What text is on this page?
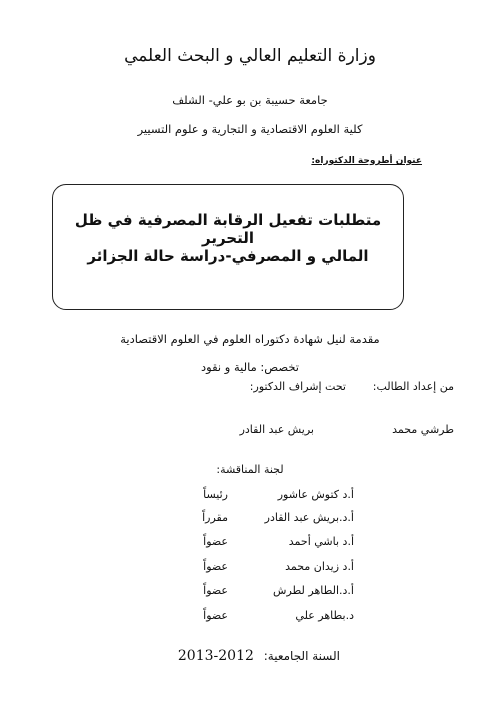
وزارة التعليم العالي و البحث العلمي
جامعة حسيبة بن بو علي- الشلف
كلية العلوم الاقتصادية و التجارية و علوم التسيير
عنوان أطروحة الدكتوراه:
متطلبات تفعيل الرقابة المصرفية في ظل التحرير
المالي و المصرفي-دراسة حالة الجزائر
مقدمة لنيل شهادة دكتوراه العلوم في العلوم الاقتصادية
تخصص: مالية و نقود
من إعداد الطالب:
تحت إشراف الدكتور:
طرشي محمد
بريش عبد القادر
لجنة المناقشة:
أ.د كتوش عاشور
رئيساً
أ.د.بريش عبد القادر
مقرراً
أ.د باشي أحمد
عضواً
أ.د زيدان محمد
عضواً
أ.د.الطاهر لطرش
عضواً
د.بطاهر علي
عضواً
السنة الجامعية: 2013-2012
